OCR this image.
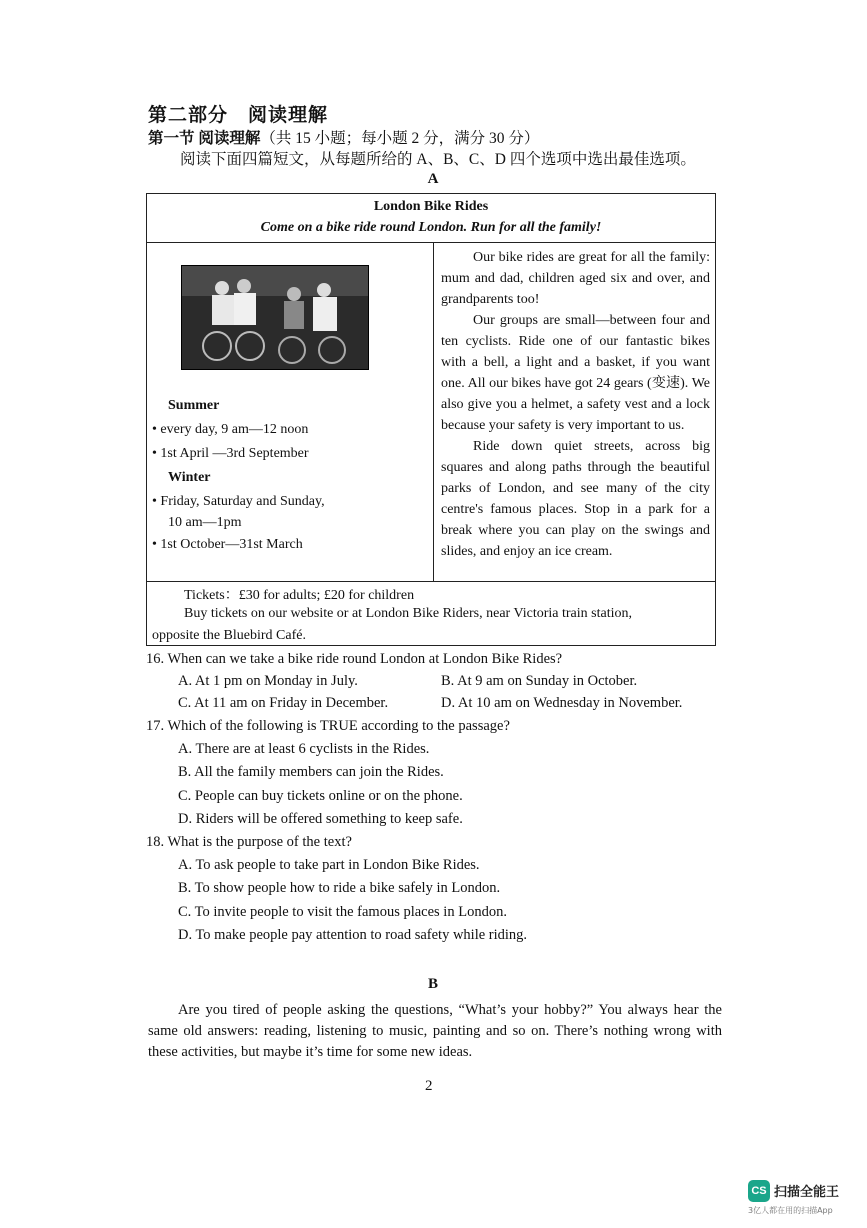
第二部分　阅读理解
第一节 阅读理解（共 15 小题；每小题 2 分，满分 30 分）
阅读下面四篇短文，从每题所给的 A、B、C、D 四个选项中选出最佳选项。
A
London Bike Rides
Come on a bike ride round London. Run for all the family!
Summer
• every day, 9 am—12 noon
• 1st April —3rd September
Winter
• Friday, Saturday and Sunday,
10 am—1pm
• 1st October—31st March

Our bike rides are great for all the family: mum and dad, children aged six and over, and grandparents too!

Our groups are small—between four and ten cyclists. Ride one of our fantastic bikes with a bell, a light and a basket, if you want one. All our bikes have got 24 gears (变速). We also give you a helmet, a safety vest and a lock because your safety is very important to us.

Ride down quiet streets, across big squares and along paths through the beautiful parks of London, and see many of the city centre's famous places. Stop in a park for a break where you can play on the swings and slides, and enjoy an ice cream.

Tickets：£30 for adults; £20 for children
Buy tickets on our website or at London Bike Riders, near Victoria train station,
opposite the Bluebird Café.
16. When can we take a bike ride round London at London Bike Rides?
A. At 1 pm on Monday in July.	B. At 9 am on Sunday in October.
C. At 11 am on Friday in December.	D. At 10 am on Wednesday in November.
17. Which of the following is TRUE according to the passage?
A. There are at least 6 cyclists in the Rides.
B. All the family members can join the Rides.
C. People can buy tickets online or on the phone.
D. Riders will be offered something to keep safe.
18. What is the purpose of the text?
A. To ask people to take part in London Bike Rides.
B. To show people how to ride a bike safely in London.
C. To invite people to visit the famous places in London.
D. To make people pay attention to road safety while riding.
B

Are you tired of people asking the questions, “What’s your hobby?” You always hear the same old answers: reading, listening to music, painting and so on. There’s nothing wrong with these activities, but maybe it’s time for some new ideas.

2
CS 扫描全能王
3亿人都在用的扫描App
